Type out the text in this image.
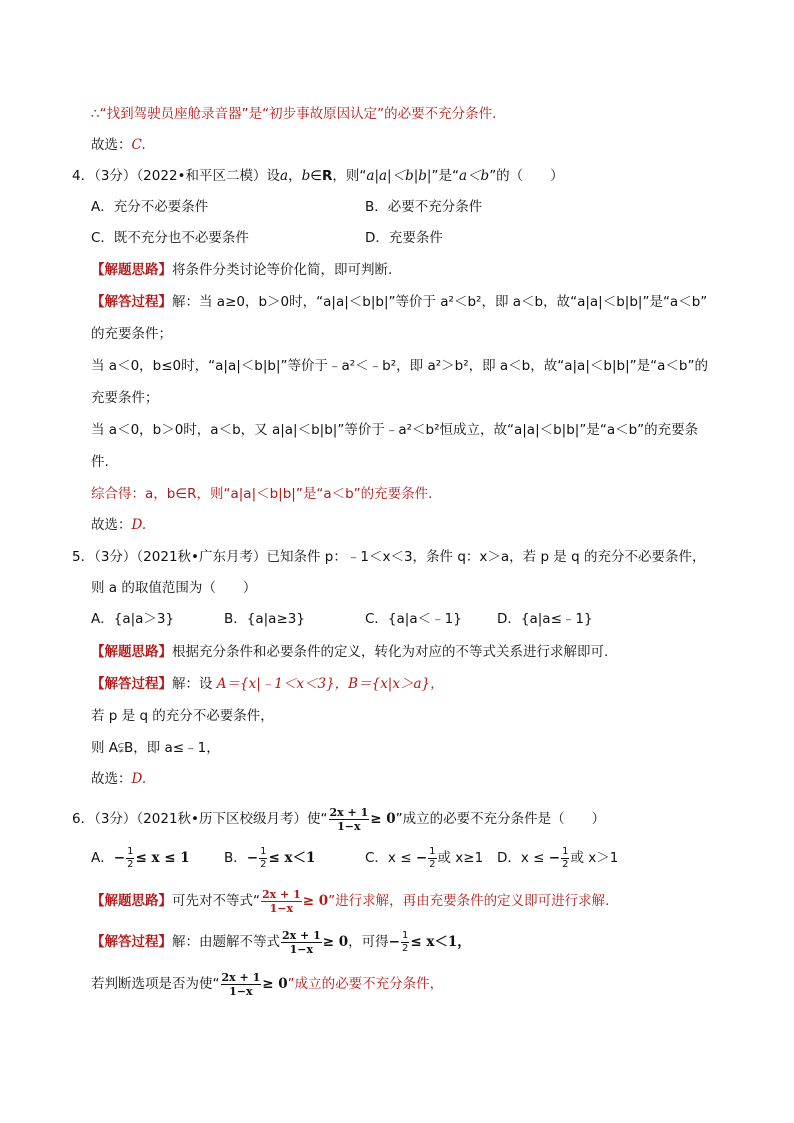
∴“找到驾驶员座舱录音器”是“初步事故原因认定”的必要不充分条件.
故选：C.
4．（3分）（2022•和平区二模）设a，b∈R，则“a|a|＜b|b|”是“a＜b”的（　　）
A．充分不必要条件	B．必要不充分条件
C．既不充分也不必要条件	D．充要条件
【解题思路】将条件分类讨论等价化简，即可判断.
【解答过程】解：当 a≥0，b＞0时，“a|a|＜b|b|”等价于 a²＜b²，即 a＜b，故“a|a|＜b|b|”是“a＜b”
的充要条件；
当 a＜0，b≤0时，“a|a|＜b|b|”等价于﹣a²＜﹣b²，即 a²＞b²，即 a＜b，故“a|a|＜b|b|”是“a＜b”的
充要条件；
当 a＜0，b＞0时，a＜b，又 a|a|＜b|b|”等价于﹣a²＜b²恒成立，故“a|a|＜b|b|”是“a＜b”的充要条
件.
综合得：a，b∈R，则“a|a|＜b|b|”是“a＜b”的充要条件.
故选：D.
5．（3分）（2021秋•广东月考）已知条件 p：﹣1＜x＜3，条件 q：x＞a，若 p 是 q 的充分不必要条件，
则 a 的取值范围为（　　）
A．{a|a＞3}	B．{a|a≥3}	C．{a|a＜﹣1}	D．{a|a≤﹣1}
【解题思路】根据充分条件和必要条件的定义，转化为对应的不等式关系进行求解即可.
【解答过程】解：设 A＝{x|﹣1＜x＜3}，B＝{x|x＞a}，
若 p 是 q 的充分不必要条件，
则 A⫋B，即 a≤﹣1，
故选：D.
6．（3分）（2021秋•历下区校级月考）使“ $\frac{2x + 1}{1-x} \ge 0$”成立的必要不充分条件是（　　）
A．− $\frac{1}{2} \le x \le 1$	B．− $\frac{1}{2} \le x<1$	C．x ≤ − $\frac{1}{2}$ 或 x≥1 D．x ≤ − $\frac{1}{2}$ 或 x＞1
【解题思路】可先对不等式“ $\frac{2x + 1}{1-x} \ge 0$”进行求解，再由充要条件的定义即可进行求解.
【解答过程】解：由题解不等式 $\frac{2x + 1}{1-x} \ge 0$，可得− $\frac{1}{2} \le x<1$，
若判断选项是否为使“ $\frac{2x + 1}{1-x} \ge 0$”成立的必要不充分条件，
